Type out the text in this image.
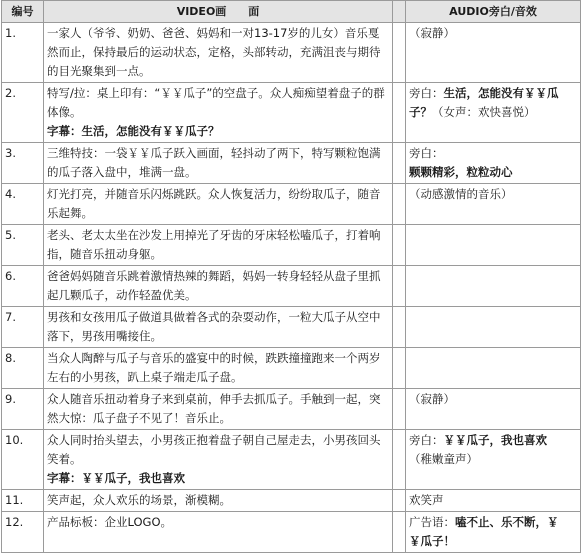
编号	VIDEO画　　面		AUDIO旁白/音效
1.	一家人（爷爷、奶奶、爸爸、妈妈和一对13-17岁的儿女）音乐戛然而止，保持最后的运动状态，定格，头部转动，充满沮丧与期待的目光聚集到一点。		（寂静）
2.	特写/拉：桌上印有：“￥￥瓜子”的空盘子。众人痴痴望着盘子的群体像。
字幕：生活，怎能没有￥￥瓜子？		旁白：生活，怎能没有￥￥瓜子？（女声：欢快喜悦）
3.	三维特技：一袋￥￥瓜子跃入画面，轻抖动了两下，特写颗粒饱满的瓜子落入盘中，堆满一盘。		旁白：
颗颗精彩，粒粒动心
4.	灯光打亮，并随音乐闪烁跳跃。众人恢复活力，纷纷取瓜子，随音乐起舞。		（动感激情的音乐）
5.	老头、老太太坐在沙发上用掉光了牙齿的牙床轻松嗑瓜子，打着响指，随音乐扭动身躯。		
6.	爸爸妈妈随音乐跳着激情热辣的舞蹈，妈妈一转身轻轻从盘子里抓起几颗瓜子，动作轻盈优美。		
7.	男孩和女孩用瓜子做道具做着各式的杂耍动作，一粒大瓜子从空中落下，男孩用嘴接住。		
8.	当众人陶醉与瓜子与音乐的盛宴中的时候，跌跌撞撞跑来一个两岁左右的小男孩，趴上桌子端走瓜子盘。		
9.	众人随音乐扭动着身子来到桌前，伸手去抓瓜子。手触到一起，突然大惊：瓜子盘子不见了！音乐止。		（寂静）
10.	众人同时抬头望去，小男孩正抱着盘子朝自己屋走去，小男孩回头笑着。
字幕：￥￥瓜子，我也喜欢		旁白：￥￥瓜子，我也喜欢
（稚嫩童声）
11.	笑声起，众人欢乐的场景，渐模糊。		欢笑声
12.	产品标板：企业LOGO。		广告语：嗑不止、乐不断，￥￥瓜子！
